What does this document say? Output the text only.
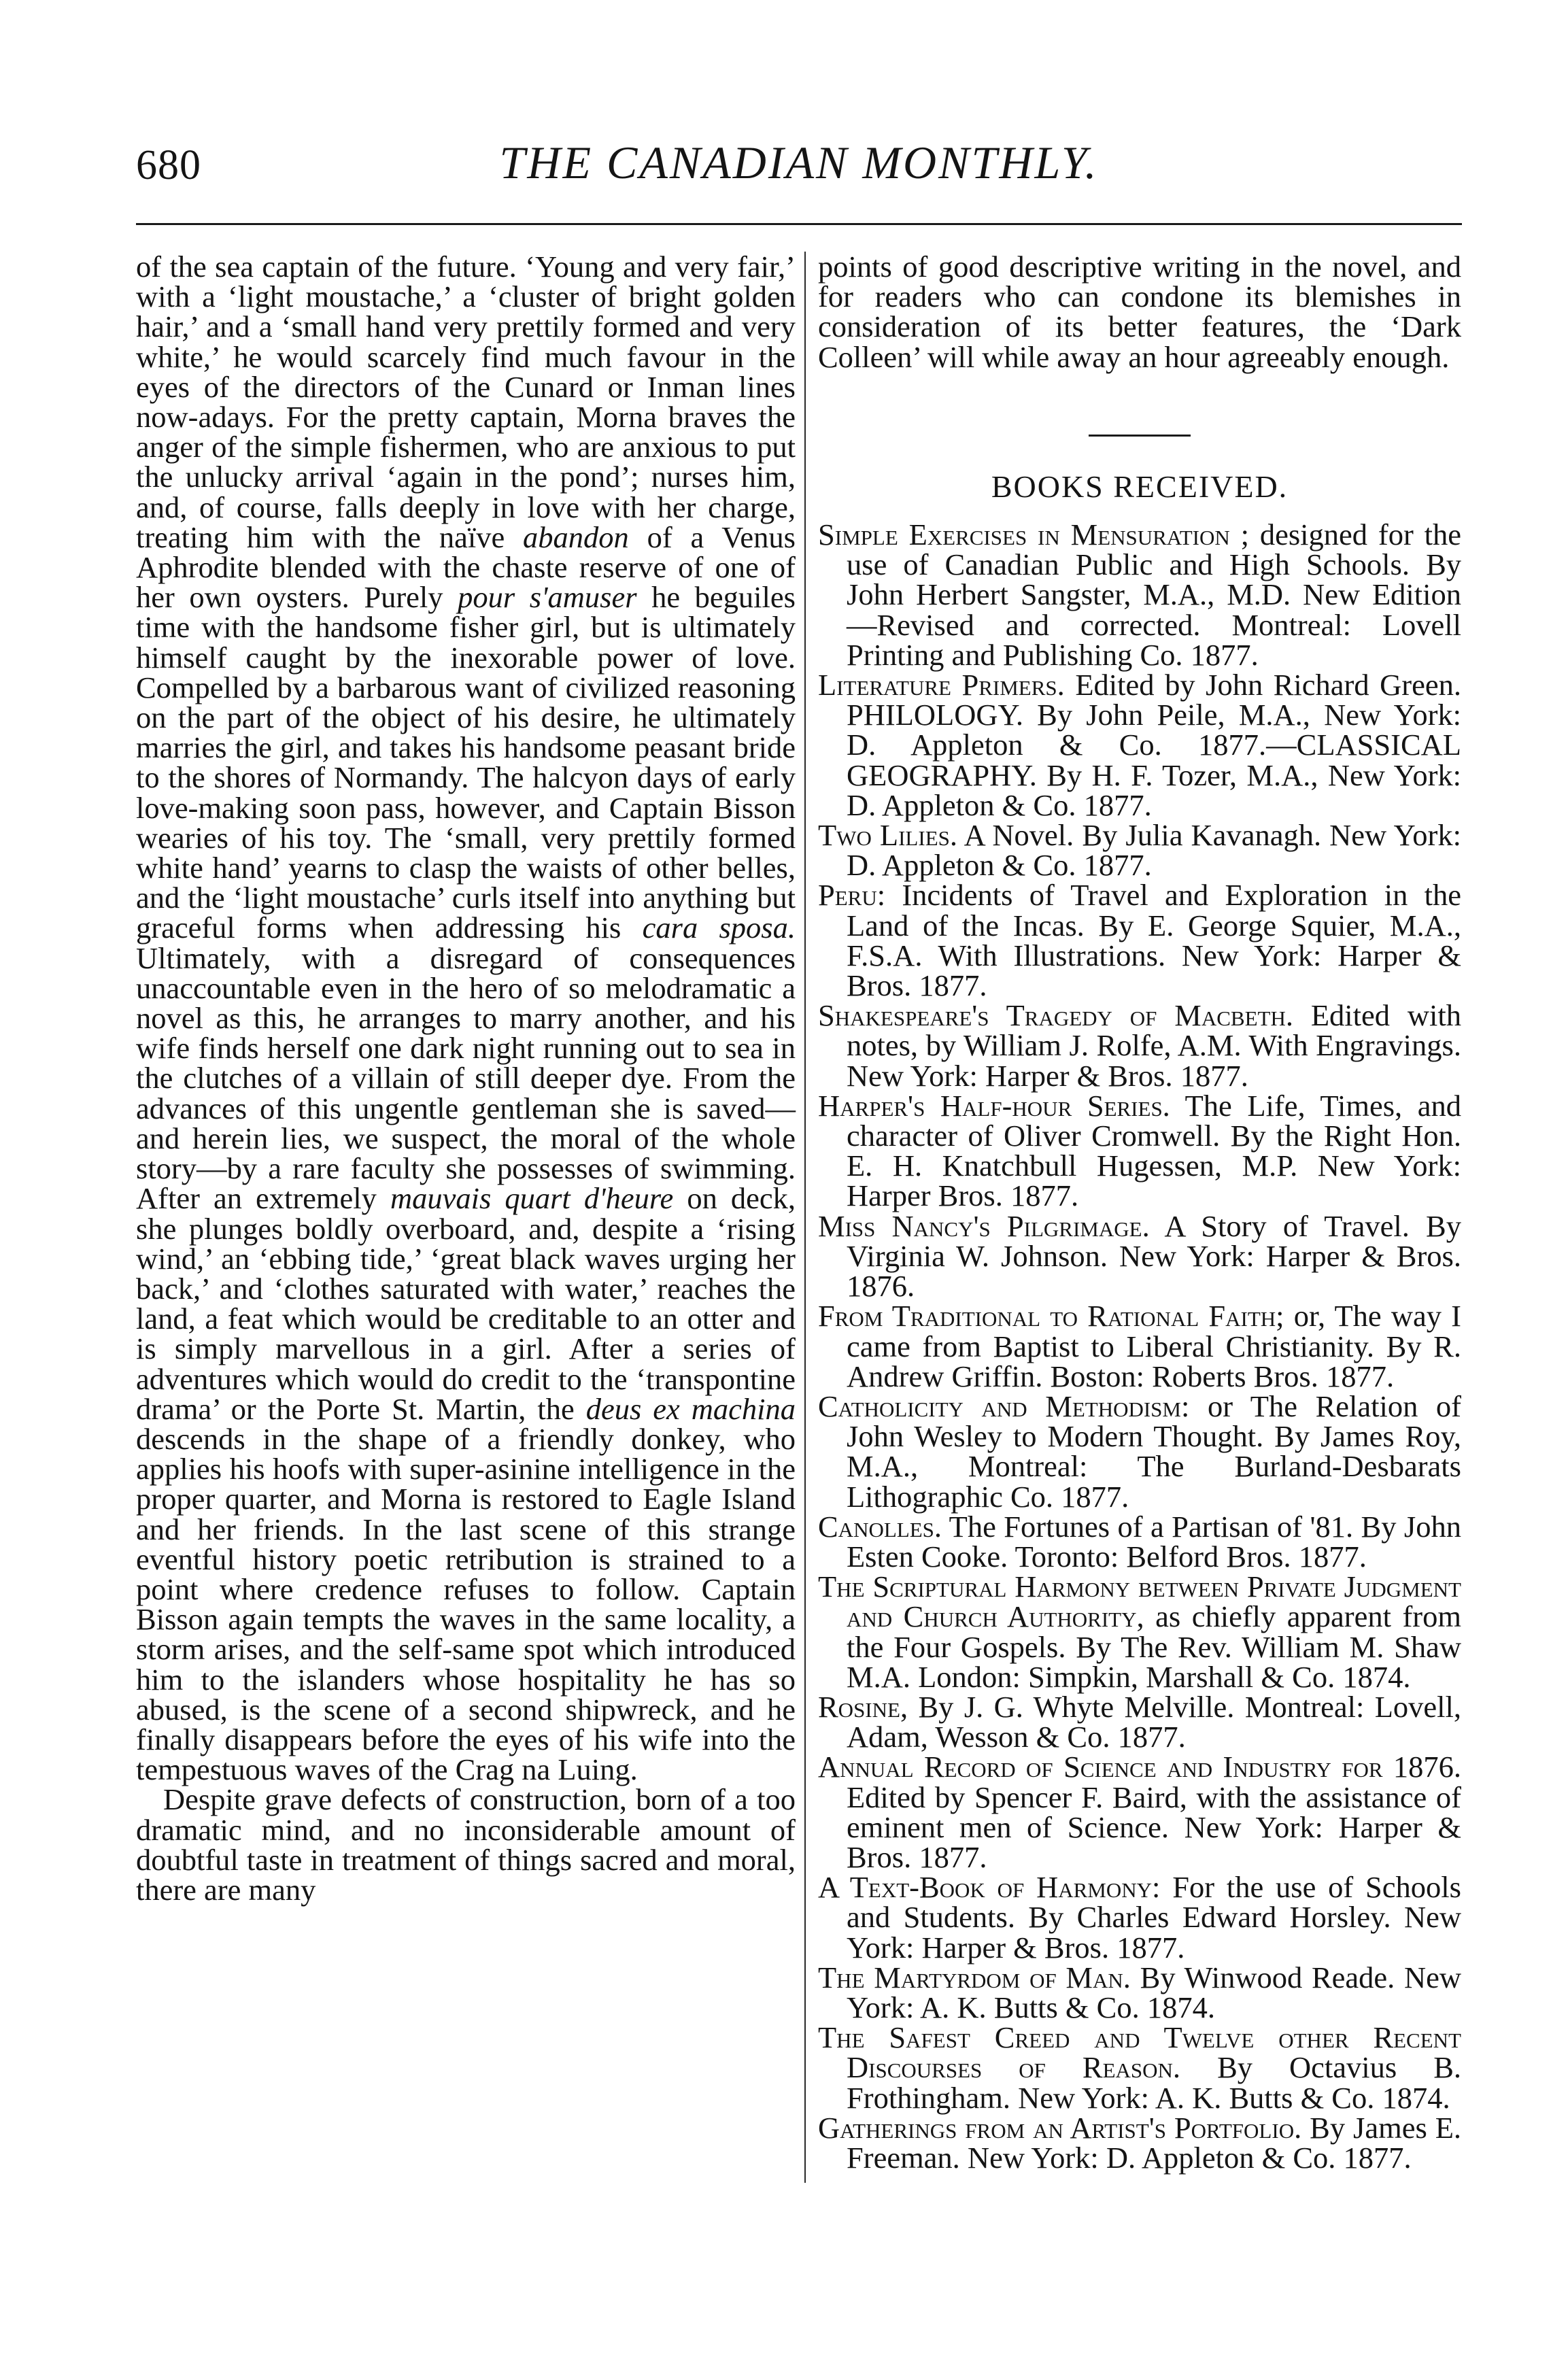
680	THE CANADIAN MONTHLY.

of the sea captain of the future. ‘Young and very fair,’ with a ‘light moustache,’ a ‘cluster of bright golden hair,’ and a ‘small hand very prettily formed and very white,’ he would scarcely find much favour in the eyes of the directors of the Cunard or Inman lines now-adays. For the pretty captain, Morna braves the anger of the simple fishermen, who are anxious to put the unlucky arrival ‘again in the pond’; nurses him, and, of course, falls deeply in love with her charge, treating him with the naïve abandon of a Venus Aphrodite blended with the chaste reserve of one of her own oysters. Purely pour s'amuser he beguiles time with the handsome fisher girl, but is ultimately himself caught by the inexorable power of love. Compelled by a barbarous want of civilized reasoning on the part of the object of his desire, he ultimately marries the girl, and takes his handsome peasant bride to the shores of Normandy. The halcyon days of early love-making soon pass, however, and Captain Bisson wearies of his toy. The ‘small, very prettily formed white hand’ yearns to clasp the waists of other belles, and the ‘light moustache’ curls itself into anything but graceful forms when addressing his cara sposa. Ultimately, with a disregard of consequences unaccountable even in the hero of so melodramatic a novel as this, he arranges to marry another, and his wife finds herself one dark night running out to sea in the clutches of a villain of still deeper dye. From the advances of this ungentle gentleman she is saved—and herein lies, we suspect, the moral of the whole story—by a rare faculty she possesses of swimming. After an extremely mauvais quart d'heure on deck, she plunges boldly overboard, and, despite a ‘rising wind,’ an ‘ebbing tide,’ ‘great black waves urging her back,’ and ‘clothes saturated with water,’ reaches the land, a feat which would be creditable to an otter and is simply marvellous in a girl. After a series of adventures which would do credit to the ‘transpontine drama’ or the Porte St. Martin, the deus ex machina descends in the shape of a friendly donkey, who applies his hoofs with super-asinine intelligence in the proper quarter, and Morna is restored to Eagle Island and her friends. In the last scene of this strange eventful history poetic retribution is strained to a point where credence refuses to follow. Captain Bisson again tempts the waves in the same locality, a storm arises, and the self-same spot which introduced him to the islanders whose hospitality he has so abused, is the scene of a second shipwreck, and he finally disappears before the eyes of his wife into the tempestuous waves of the Crag na Luing.

Despite grave defects of construction, born of a too dramatic mind, and no inconsiderable amount of doubtful taste in treatment of things sacred and moral, there are many

points of good descriptive writing in the novel, and for readers who can condone its blemishes in consideration of its better features, the ‘Dark Colleen’ will while away an hour agreeably enough.

BOOKS RECEIVED.
Simple Exercises in Mensuration ; designed for the use of Canadian Public and High Schools. By John Herbert Sangster, M.A., M.D. New Edition—Revised and corrected. Montreal: Lovell Printing and Publishing Co. 1877.
Literature Primers. Edited by John Richard Green. PHILOLOGY. By John Peile, M.A., New York: D. Appleton & Co. 1877.—CLASSICAL GEOGRAPHY. By H. F. Tozer, M.A., New York: D. Appleton & Co. 1877.
Two Lilies. A Novel. By Julia Kavanagh. New York: D. Appleton & Co. 1877.
Peru: Incidents of Travel and Exploration in the Land of the Incas. By E. George Squier, M.A., F.S.A. With Illustrations. New York: Harper & Bros. 1877.
Shakespeare's Tragedy of Macbeth. Edited with notes, by William J. Rolfe, A.M. With Engravings. New York: Harper & Bros. 1877.
Harper's Half-hour Series. The Life, Times, and character of Oliver Cromwell. By the Right Hon. E. H. Knatchbull Hugessen, M.P. New York: Harper Bros. 1877.
Miss Nancy's Pilgrimage. A Story of Travel. By Virginia W. Johnson. New York: Harper & Bros. 1876.
From Traditional to Rational Faith; or, The way I came from Baptist to Liberal Christianity. By R. Andrew Griffin. Boston: Roberts Bros. 1877.
Catholicity and Methodism: or The Relation of John Wesley to Modern Thought. By James Roy, M.A., Montreal: The Burland-Desbarats Lithographic Co. 1877.
Canolles. The Fortunes of a Partisan of '81. By John Esten Cooke. Toronto: Belford Bros. 1877.
The Scriptural Harmony between Private Judgment and Church Authority, as chiefly apparent from the Four Gospels. By The Rev. William M. Shaw M.A. London: Simpkin, Marshall & Co. 1874.
Rosine, By J. G. Whyte Melville. Montreal: Lovell, Adam, Wesson & Co. 1877.
Annual Record of Science and Industry for 1876. Edited by Spencer F. Baird, with the assistance of eminent men of Science. New York: Harper & Bros. 1877.
A Text-Book of Harmony: For the use of Schools and Students. By Charles Edward Horsley. New York: Harper & Bros. 1877.
The Martyrdom of Man. By Winwood Reade. New York: A. K. Butts & Co. 1874.
The Safest Creed and Twelve other Recent Discourses of Reason. By Octavius B. Frothingham. New York: A. K. Butts & Co. 1874.
Gatherings from an Artist's Portfolio. By James E. Freeman. New York: D. Appleton & Co. 1877.
